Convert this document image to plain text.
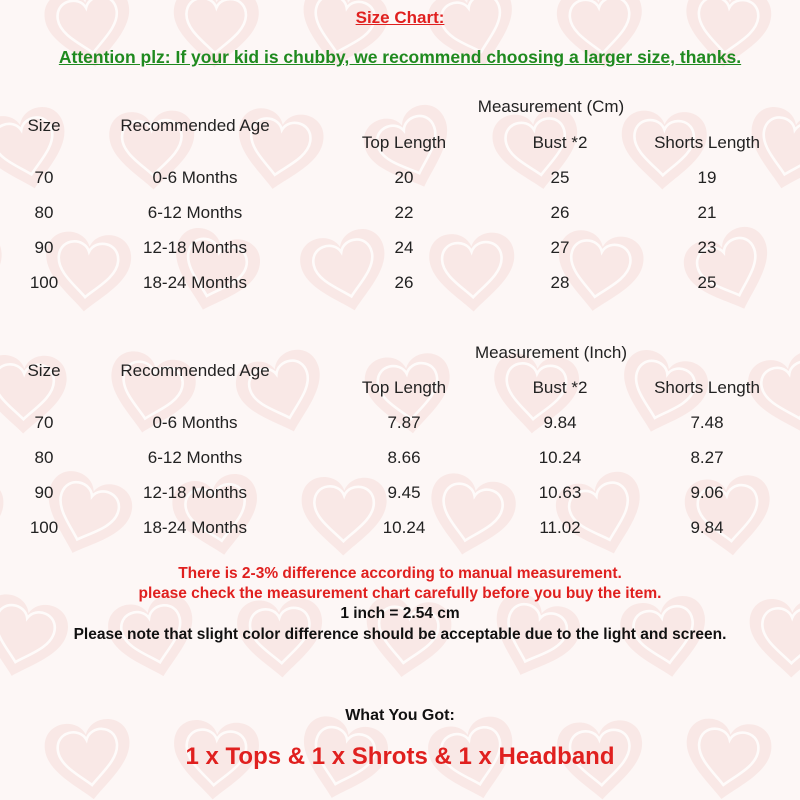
Size Chart:
Attention plz: If your kid is chubby, we recommend choosing a larger size, thanks.
Measurement (Cm)
Size	Recommended Age
Top Length	Bust *2	Shorts Length
70	0-6 Months	20	25	19
80	6-12 Months	22	26	21
90	12-18 Months	24	27	23
100	18-24 Months	26	28	25
Measurement (Inch)
Size	Recommended Age
Top Length	Bust *2	Shorts Length
70	0-6 Months	7.87	9.84	7.48
80	6-12 Months	8.66	10.24	8.27
90	12-18 Months	9.45	10.63	9.06
100	18-24 Months	10.24	11.02	9.84
There is 2-3% difference according to manual measurement.
please check the measurement chart carefully before you buy the item.
1 inch = 2.54 cm
Please note that slight color difference should be acceptable due to the light and screen.
What You Got:
1 x Tops & 1 x Shrots & 1 x Headband
